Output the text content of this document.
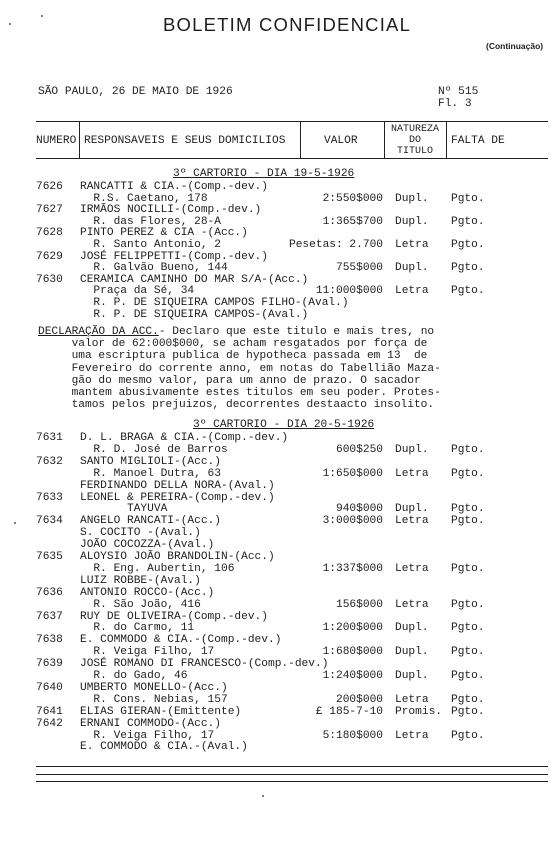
BOLETIM CONFIDENCIAL
(Continuação)
SÃO PAULO, 26 DE MAIO DE 1926	Nº 515
Fl. 3
NUMERO RESPONSAVEIS E SEUS DOMICILIOS	VALOR
NATUREZA
DO
TITULO
FALTA DE
3º CARTORIO - DIA 19-5-1926
7626 RANCATTI & CIA.-(Comp.-dev.)
R.S. Caetano, 178	2:550$000 Dupl. Pgto.
7627 IRMÃOS NOCILLI-(Comp.-dev.)
R. das Flores, 28-A	1:365$700 Dupl. Pgto.
7628 PINTO PEREZ & CIA -(Acc.)
R. Santo Antonio, 2	Pesetas: 2.700 Letra Pgto.
7629 JOSÉ FELIPPETTI-(Comp.-dev.)
R. Galvão Bueno, 144	755$000 Dupl. Pgto.
7630 CERAMICA CAMINHO DO MAR S/A-(Acc.)
Praça da Sé, 34	11:000$000 Letra Pgto.
R. P. DE SIQUEIRA CAMPOS FILHO-(Aval.)
R. P. DE SIQUEIRA CAMPOS-(Aval.)
DECLARAÇÃO DA ACC.- Declaro que este titulo e mais tres, no
valor de 62:000$000, se acham resgatados por força de
uma escriptura publica de hypotheca passada em 13  de
Fevereiro do corrente anno, em notas do Tabellião Maza-
gão do mesmo valor, para um anno de prazo. O sacador
mantem abusivamente estes titulos em seu poder. Protes-
tamos pelos prejuizos, decorrentes destaacto insolito.
3º CARTORIO - DIA 20-5-1926
7631 D. L. BRAGA & CIA.-(Comp.-dev.)
R. D. José de Barros	600$250 Dupl. Pgto.
7632 SANTO MIGLIOLI-(Acc.)
R. Manoel Dutra, 63	1:650$000 Letra Pgto.
FERDINANDO DELLA NORA-(Aval.)
7633 LEONEL & PEREIRA-(Comp.-dev.)
TAYUVA	940$000 Dupl. Pgto.
7634 ANGELO RANCATI-(Acc.)	3:000$000 Letra Pgto.
S. COCITO -(Aval.)
JOÃO COCOZZA-(Aval.)
7635 ALOYSIO JOÃO BRANDOLIN-(Acc.)
R. Eng. Aubertin, 106	1:337$000 Letra Pgto.
LUIZ ROBBE-(Aval.)
7636 ANTONIO ROCCO-(Acc.)
R. São João, 416	156$000 Letra Pgto.
7637 RUY DE OLIVEIRA-(Comp.-dev.)
R. do Carmo, 11	1:200$000 Dupl. Pgto.
7638 E. COMMODO & CIA.-(Comp.-dev.)
R. Veiga Filho, 17	1:680$000 Dupl. Pgto.
7639 JOSÉ ROMANO DI FRANCESCO-(Comp.-dev.)
R. do Gado, 46	1:240$000 Dupl. Pgto.
7640 UMBERTO MONELLO-(Acc.)
R. Cons. Nebias, 157	200$000 Letra Pgto.
7641 ELIAS GIERAN-(Emittente)	£ 185-7-10 Promis. Pgto.
7642 ERNANI COMMODO-(Acc.)
R. Veiga Filho, 17	5:180$000 Letra Pgto.
E. COMMODO & CIA.-(Aval.)
